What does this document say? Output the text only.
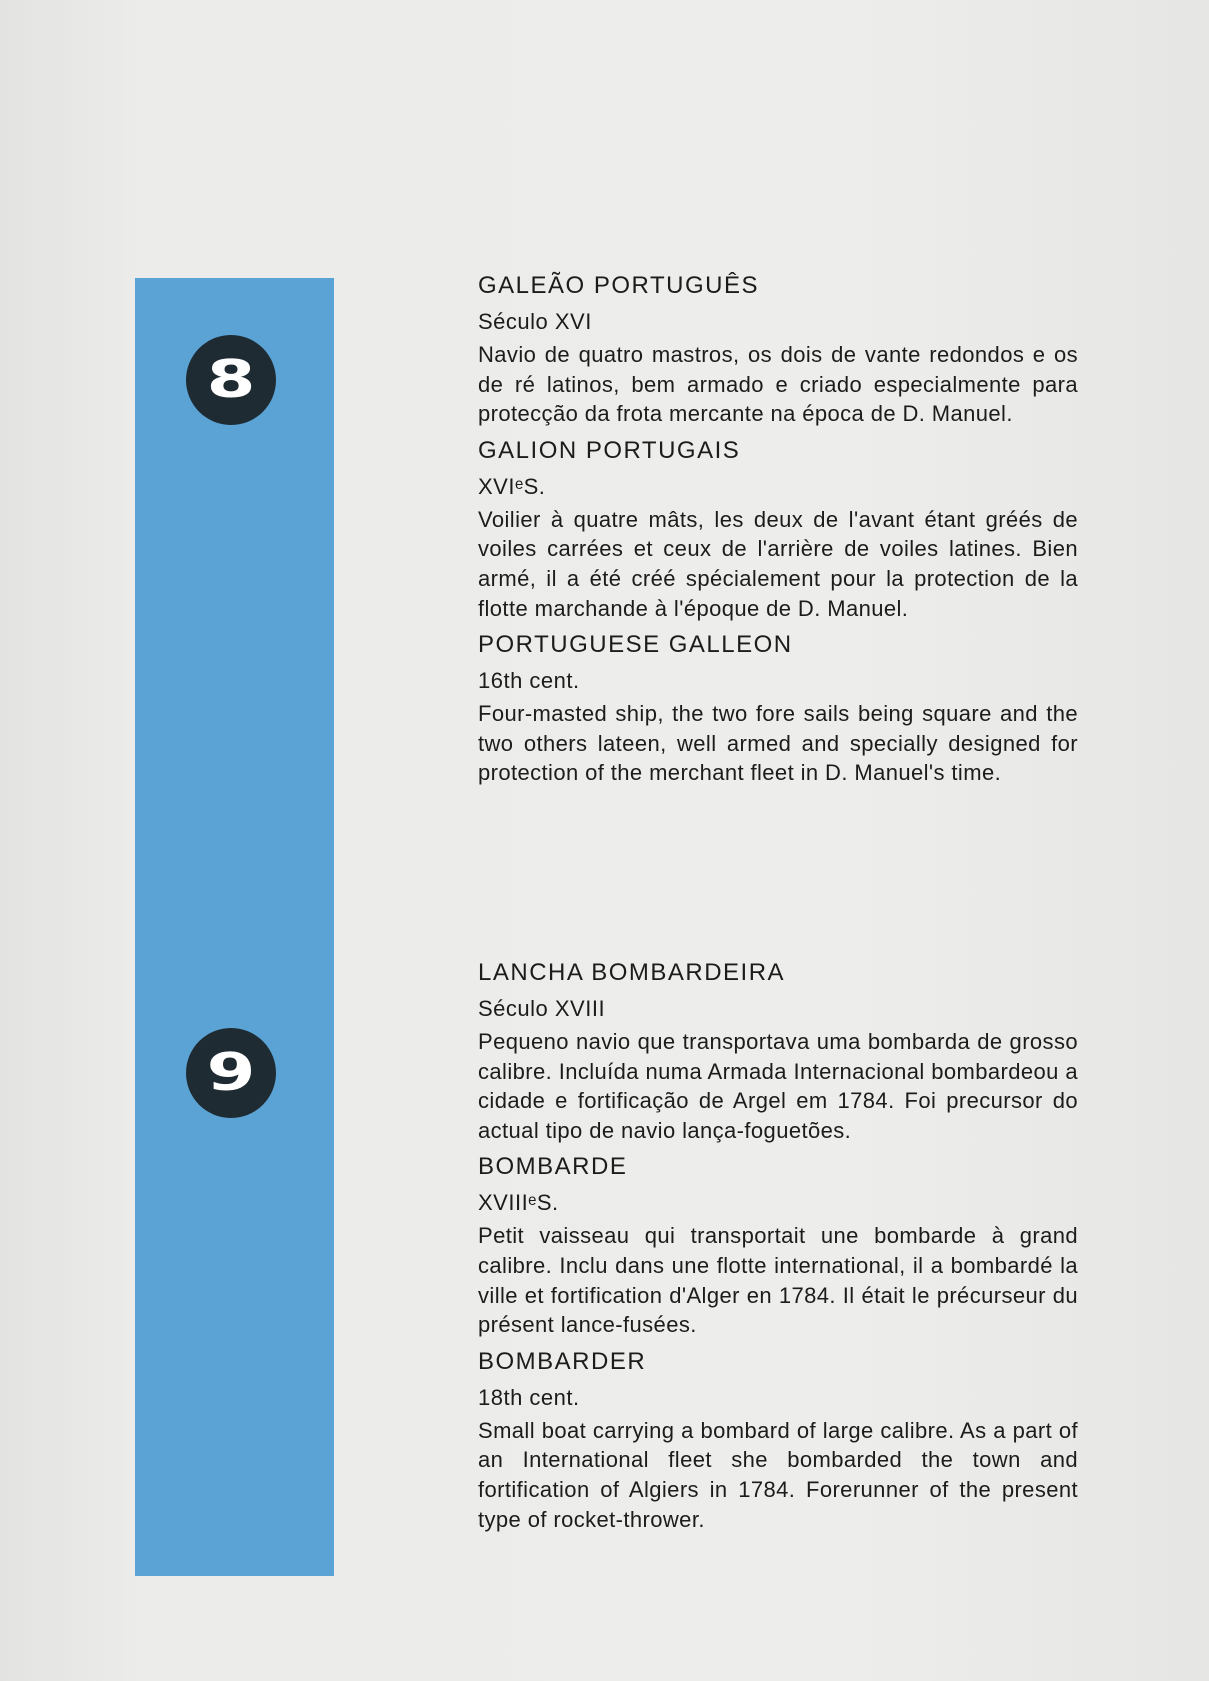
8
9
GALEÃO PORTUGUÊS
Século XVI
Navio de quatro mastros, os dois de vante redondos e os de ré latinos, bem armado e criado especialmente para protecção da frota mercante na época de D. Manuel.
GALION PORTUGAIS
XVIᵉS.
Voilier à quatre mâts, les deux de l'avant étant gréés de voiles carrées et ceux de l'arrière de voiles latines. Bien armé, il a été créé spécialement pour la protection de la flotte marchande à l'époque de D. Manuel.
PORTUGUESE GALLEON
16th cent.
Four-masted ship, the two fore sails being square and the two others lateen, well armed and specially designed for protection of the merchant fleet in D. Manuel's time.
LANCHA BOMBARDEIRA
Século XVIII
Pequeno navio que transportava uma bombarda de grosso calibre. Incluída numa Armada Internacional bombardeou a cidade e fortificação de Argel em 1784. Foi precursor do actual tipo de navio lança-foguetões.
BOMBARDE
XVIIIᵉS.
Petit vaisseau qui transportait une bombarde à grand calibre. Inclu dans une flotte international, il a bombardé la ville et fortification d'Alger en 1784. Il était le précurseur du présent lance-fusées.
BOMBARDER
18th cent.
Small boat carrying a bombard of large calibre. As a part of an International fleet she bombarded the town and fortification of Algiers in 1784. Forerunner of the present type of rocket-thrower.
